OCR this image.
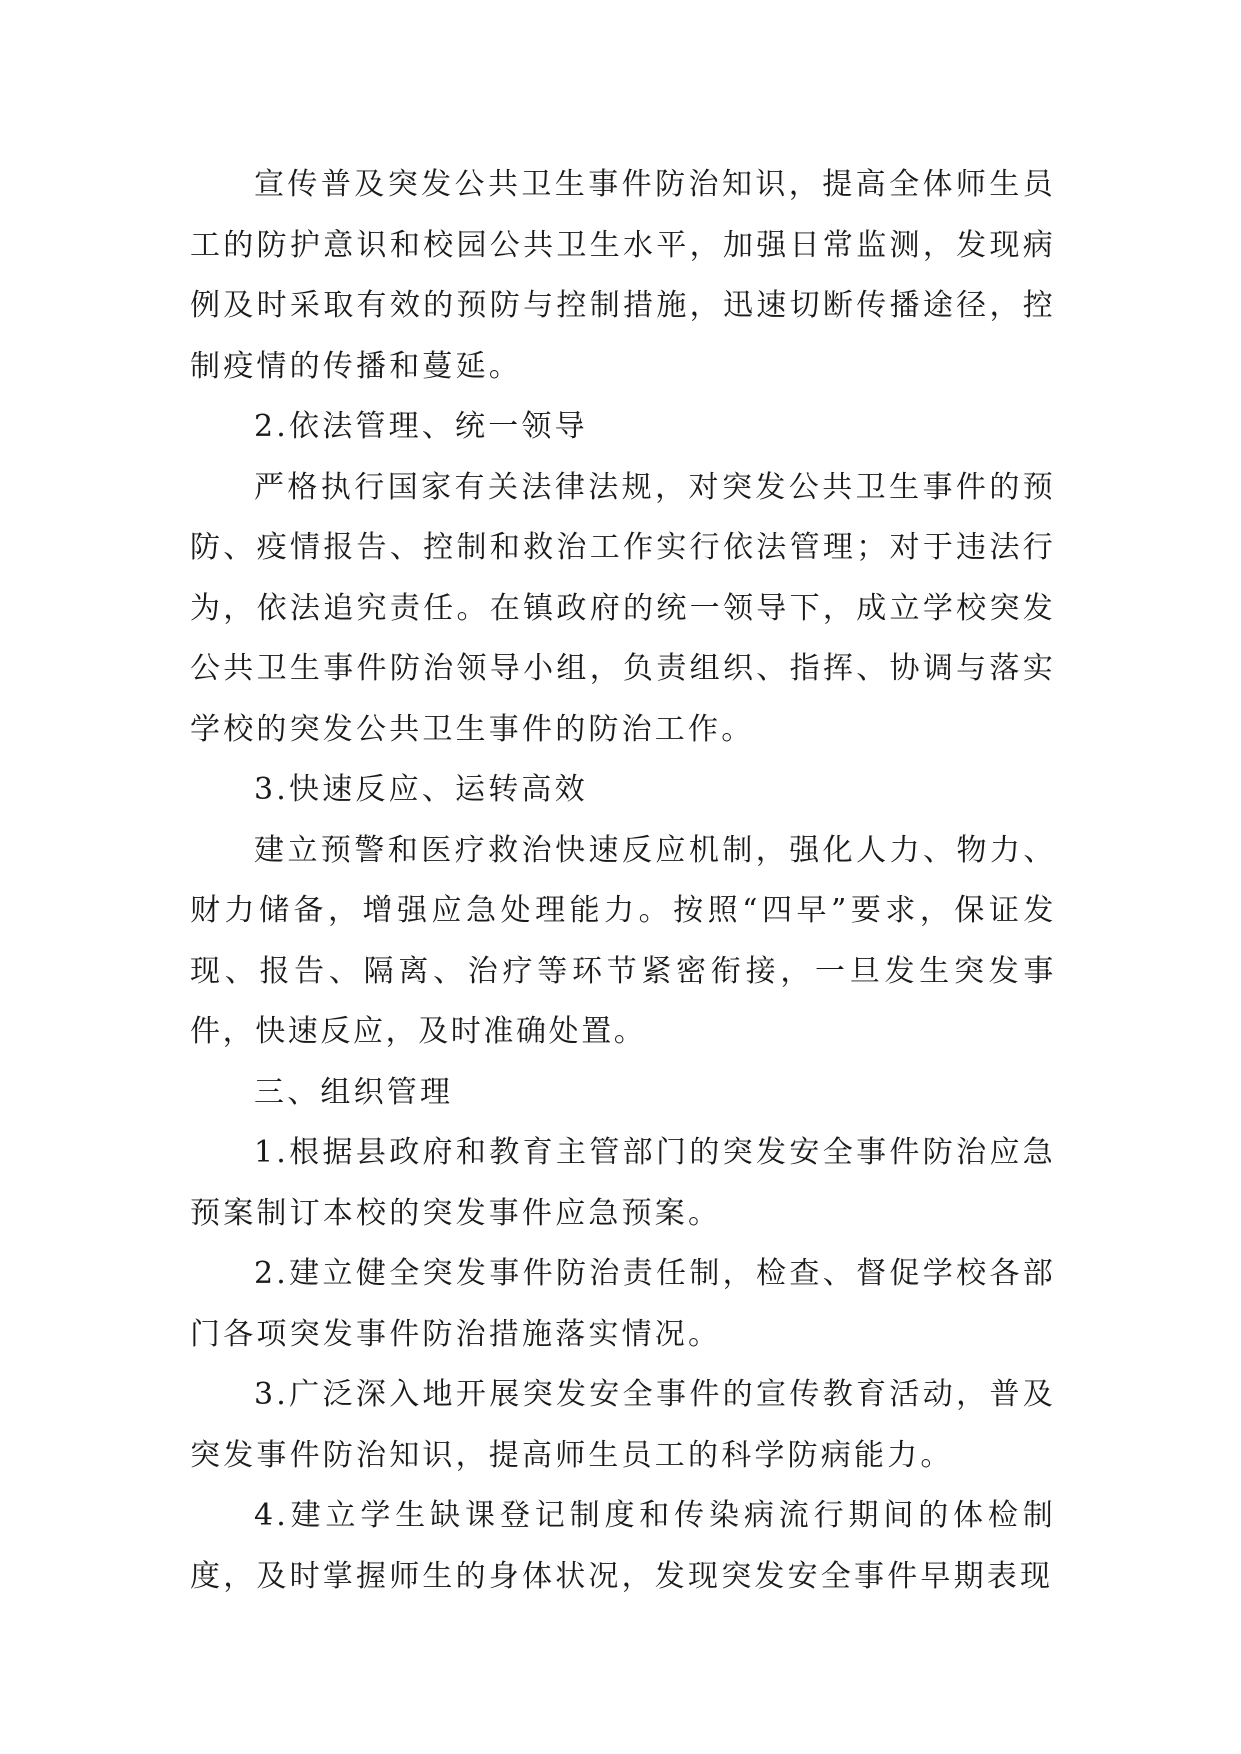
宣传普及突发公共卫生事件防治知识，提高全体师生员工的防护意识和校园公共卫生水平，加强日常监测，发现病例及时采取有效的预防与控制措施，迅速切断传播途径，控制疫情的传播和蔓延。

2.依法管理、统一领导

严格执行国家有关法律法规，对突发公共卫生事件的预防、疫情报告、控制和救治工作实行依法管理；对于违法行为，依法追究责任。在镇政府的统一领导下，成立学校突发公共卫生事件防治领导小组，负责组织、指挥、协调与落实学校的突发公共卫生事件的防治工作。

3.快速反应、运转高效

建立预警和医疗救治快速反应机制，强化人力、物力、财力储备，增强应急处理能力。按照“四早”要求，保证发现、报告、隔离、治疗等环节紧密衔接，一旦发生突发事件，快速反应，及时准确处置。

三、组织管理

1.根据县政府和教育主管部门的突发安全事件防治应急预案制订本校的突发事件应急预案。

2.建立健全突发事件防治责任制，检查、督促学校各部门各项突发事件防治措施落实情况。

3.广泛深入地开展突发安全事件的宣传教育活动，普及突发事件防治知识，提高师生员工的科学防病能力。

4.建立学生缺课登记制度和传染病流行期间的体检制度，及时掌握师生的身体状况，发现突发安全事件早期表现
